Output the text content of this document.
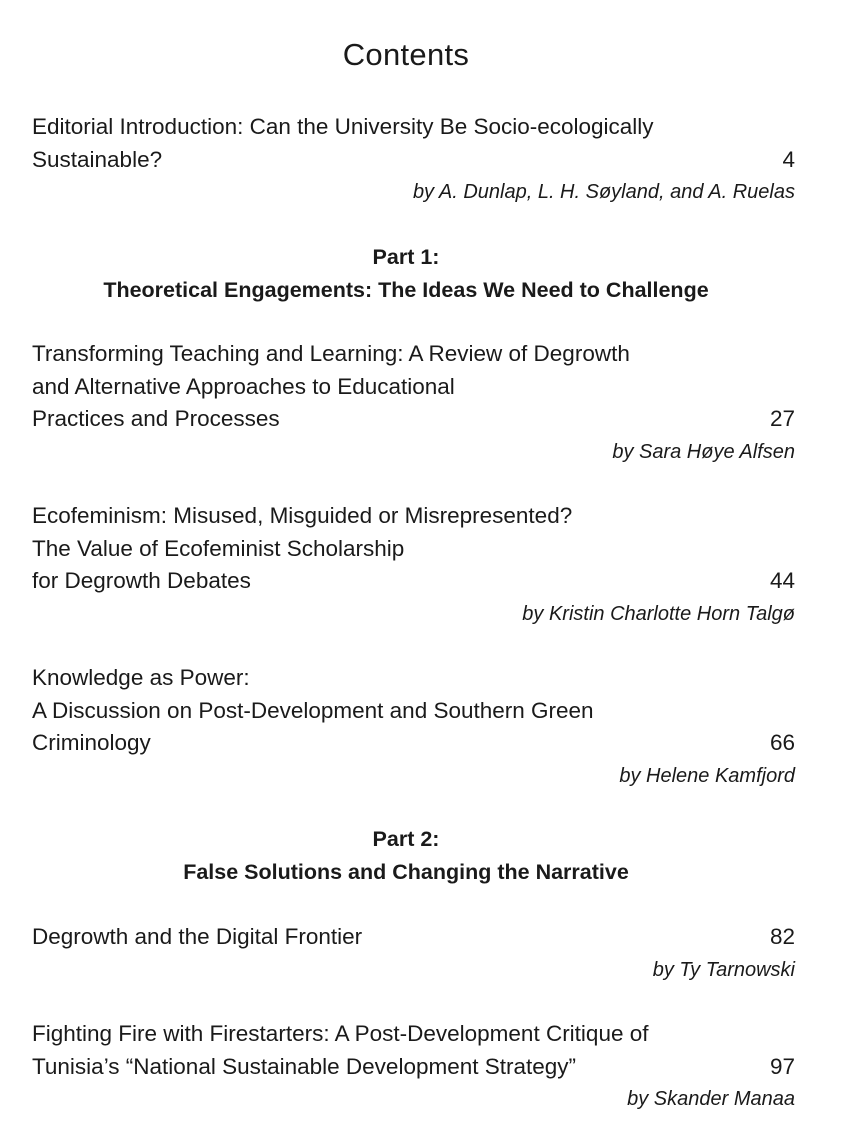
Contents
Editorial Introduction: Can the University Be Socio-ecologically
Sustainable?	4
by A. Dunlap, L. H. Søyland, and A. Ruelas
Part 1:
Theoretical Engagements: The Ideas We Need to Challenge
Transforming Teaching and Learning: A Review of Degrowth
and Alternative Approaches to Educational
Practices and Processes	27
by Sara Høye Alfsen
Ecofeminism: Misused, Misguided or Misrepresented?
The Value of Ecofeminist Scholarship
for Degrowth Debates	44
by Kristin Charlotte Horn Talgø
Knowledge as Power:
A Discussion on Post-Development and Southern Green
Criminology	66
by Helene Kamfjord
Part 2:
False Solutions and Changing the Narrative
Degrowth and the Digital Frontier	82
by Ty Tarnowski
Fighting Fire with Firestarters: A Post-Development Critique of
Tunisia’s “National Sustainable Development Strategy”	97
by Skander Manaa
